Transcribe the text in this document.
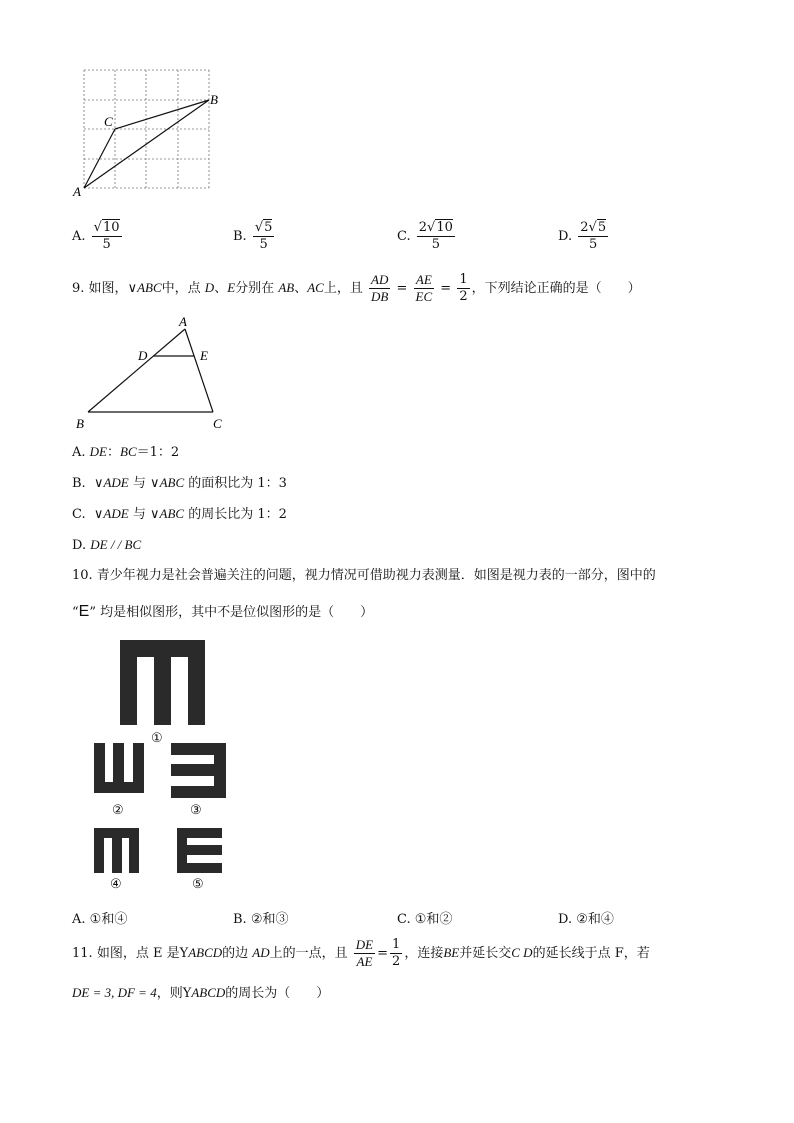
A
B
C
A. $\frac{√10}{5}$	B. $\frac{√5}{5}$	C. $\frac{2√10}{5}$	D. $\frac{2√5}{5}$
9. 如图，∨ABC中，点 D、E分别在 AB、AC上，且 $\frac{AD}{DB} = \frac{AE}{EC} = \frac{1}{2}$ ，下列结论正确的是（　　）
A
D	E
B	C
A. DE：BC＝1：2
B. ∨ADE 与 ∨ABC 的面积比为 1：3
C. ∨ADE 与 ∨ABC 的周长比为 1：2
D. DE / / BC
10. 青少年视力是社会普遍关注的问题，视力情况可借助视力表测量．如图是视力表的一部分，图中的
“E” 均是相似图形，其中不是位似图形的是（　　）
①
②	③
④	⑤
A. ①和④	B. ②和③	C. ①和②	D. ②和④
11. 如图，点 E 是YABCD的边 AD上的一点，且 $\frac{DE}{AE} = \frac{1}{2}$ ，连接BE并延长交C D的延长线于点 F，若
DE = 3, DF = 4，则YABCD的周长为（　　）
